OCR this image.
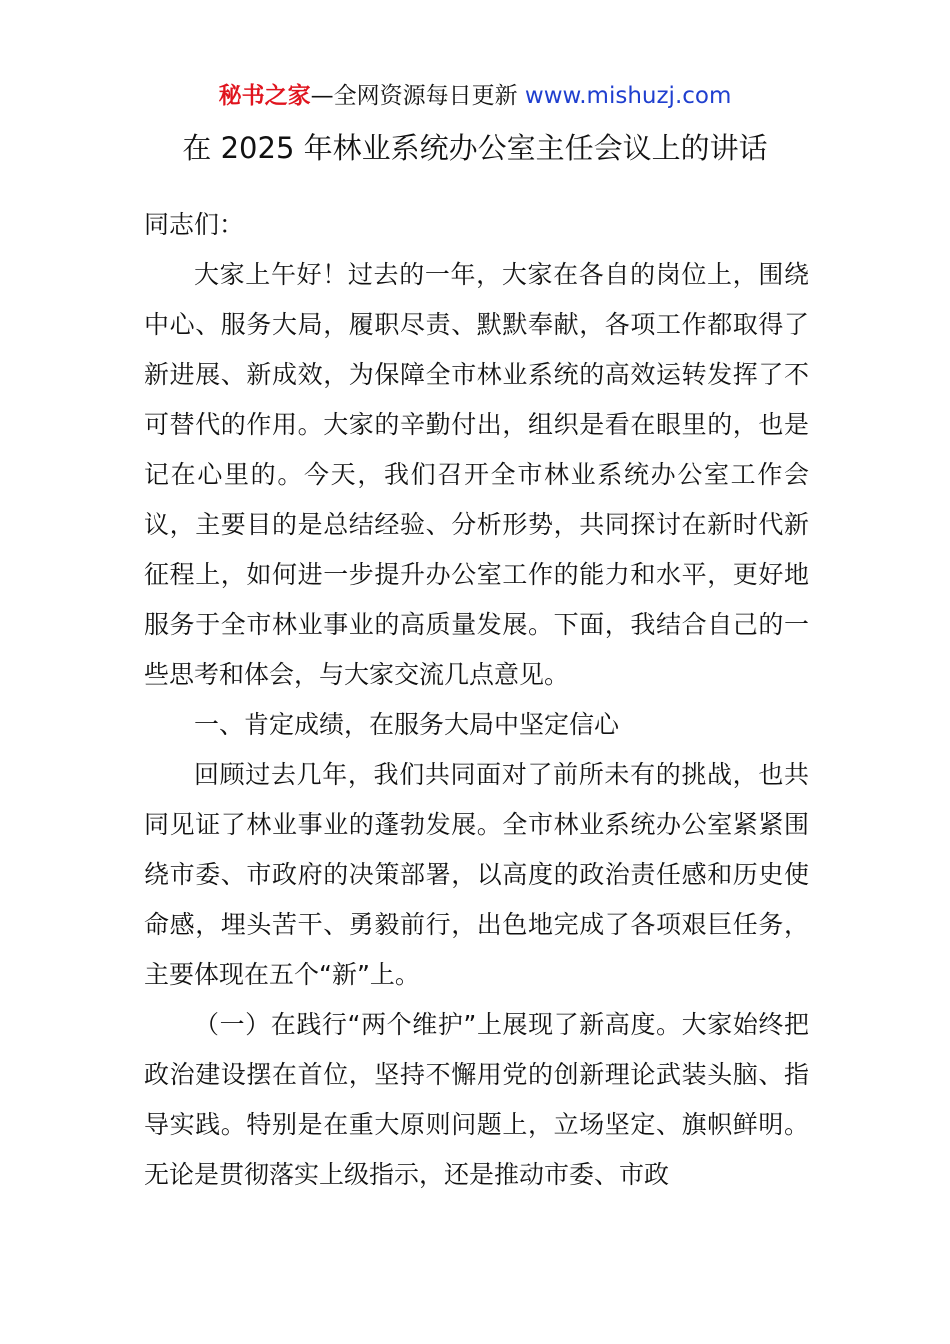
秘书之家—全网资源每日更新 www.mishuzj.com
在 2025 年林业系统办公室主任会议上的讲话

同志们：

大家上午好！过去的一年，大家在各自的岗位上，围绕中心、服务大局，履职尽责、默默奉献，各项工作都取得了新进展、新成效，为保障全市林业系统的高效运转发挥了不可替代的作用。大家的辛勤付出，组织是看在眼里的，也是记在心里的。今天，我们召开全市林业系统办公室工作会议，主要目的是总结经验、分析形势，共同探讨在新时代新征程上，如何进一步提升办公室工作的能力和水平，更好地服务于全市林业事业的高质量发展。下面，我结合自己的一些思考和体会，与大家交流几点意见。

一、肯定成绩，在服务大局中坚定信心

回顾过去几年，我们共同面对了前所未有的挑战，也共同见证了林业事业的蓬勃发展。全市林业系统办公室紧紧围绕市委、市政府的决策部署，以高度的政治责任感和历史使命感，埋头苦干、勇毅前行，出色地完成了各项艰巨任务，主要体现在五个“新”上。

（一）在践行“两个维护”上展现了新高度。大家始终把政治建设摆在首位，坚持不懈用党的创新理论武装头脑、指导实践。特别是在重大原则问题上，立场坚定、旗帜鲜明。无论是贯彻落实上级指示，还是推动市委、市政
